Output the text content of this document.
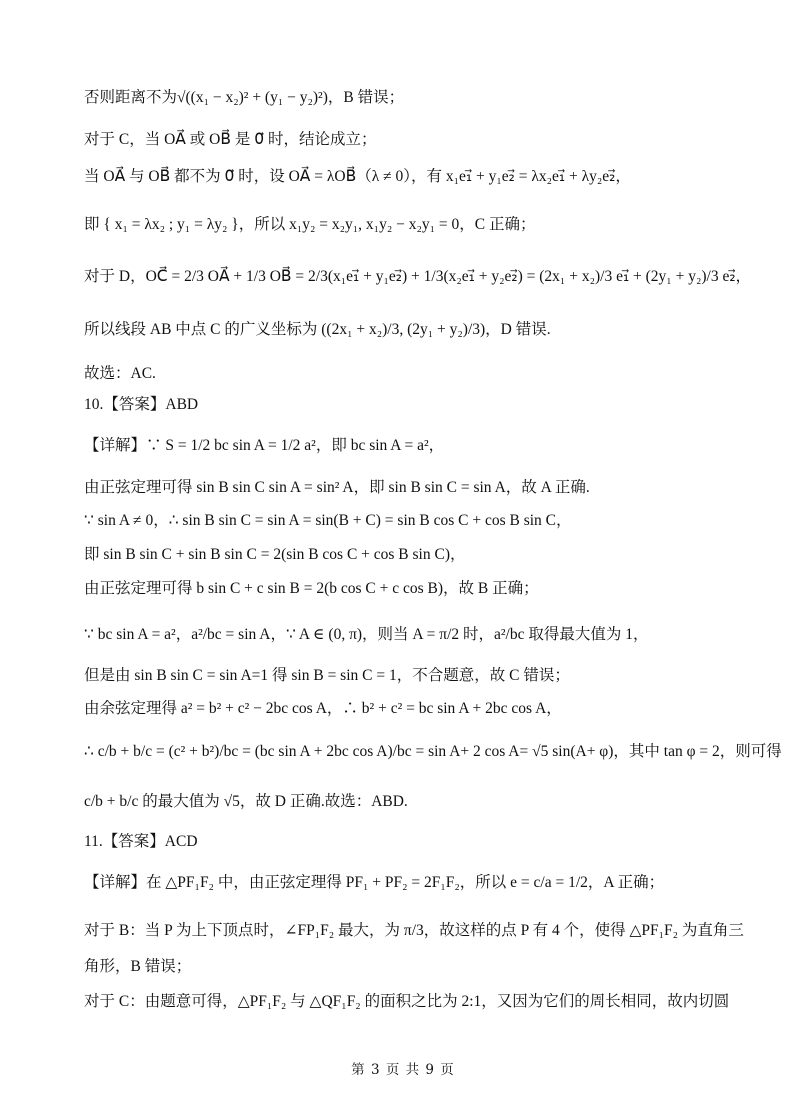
否则距离不为√((x₁ − x₂)² + (y₁ − y₂)²)，B 错误；
对于 C，当 OA⃗ 或 OB⃗ 是 0⃗ 时，结论成立；
当 OA⃗ 与 OB⃗ 都不为 0⃗ 时，设 OA⃗ = λOB⃗（λ ≠ 0），有 x₁e₁⃗ + y₁e₂⃗ = λx₂e₁⃗ + λy₂e₂⃗，
即 { x₁ = λx₂ ; y₁ = λy₂ }，所以 x₁y₂ = x₂y₁, x₁y₂ − x₂y₁ = 0，C 正确；
对于 D，OC⃗ = 2/3 OA⃗ + 1/3 OB⃗ = 2/3(x₁e₁⃗ + y₁e₂⃗) + 1/3(x₂e₁⃗ + y₂e₂⃗) = (2x₁ + x₂)/3 e₁⃗ + (2y₁ + y₂)/3 e₂⃗，
所以线段 AB 中点 C 的广义坐标为 ((2x₁ + x₂)/3, (2y₁ + y₂)/3)，D 错误.
故选：AC.
10.【答案】ABD
【详解】∵ S = 1/2 bc sin A = 1/2 a²，即 bc sin A = a²，
由正弦定理可得 sin B sin C sin A = sin² A，即 sin B sin C = sin A，故 A 正确.
∵ sin A ≠ 0，∴ sin B sin C = sin A = sin(B + C) = sin B cos C + cos B sin C，
即 sin B sin C + sin B sin C = 2(sin B cos C + cos B sin C)，
由正弦定理可得 b sin C + c sin B = 2(b cos C + c cos B)，故 B 正确；
∵ bc sin A = a²，a²/bc = sin A，∵ A ∈ (0, π)，则当 A = π/2 时，a²/bc 取得最大值为 1，
但是由 sin B sin C = sin A=1 得 sin B = sin C = 1，不合题意，故 C 错误；
由余弦定理得 a² = b² + c² − 2bc cos A，∴ b² + c² = bc sin A + 2bc cos A，
∴ c/b + b/c = (c² + b²)/bc = (bc sin A + 2bc cos A)/bc = sin A+ 2 cos A= √5 sin(A+ φ)，其中 tan φ = 2，则可得
c/b + b/c 的最大值为 √5，故 D 正确.故选：ABD.
11.【答案】ACD
【详解】在 △PF₁F₂ 中，由正弦定理得 PF₁ + PF₂ = 2F₁F₂，所以 e = c/a = 1/2，A 正确；
对于 B：当 P 为上下顶点时，∠FP₁F₂ 最大，为 π/3，故这样的点 P 有 4 个，使得 △PF₁F₂ 为直角三
角形，B 错误；
对于 C：由题意可得，△PF₁F₂ 与 △QF₁F₂ 的面积之比为 2:1，又因为它们的周长相同，故内切圆
第 3 页 共 9 页
